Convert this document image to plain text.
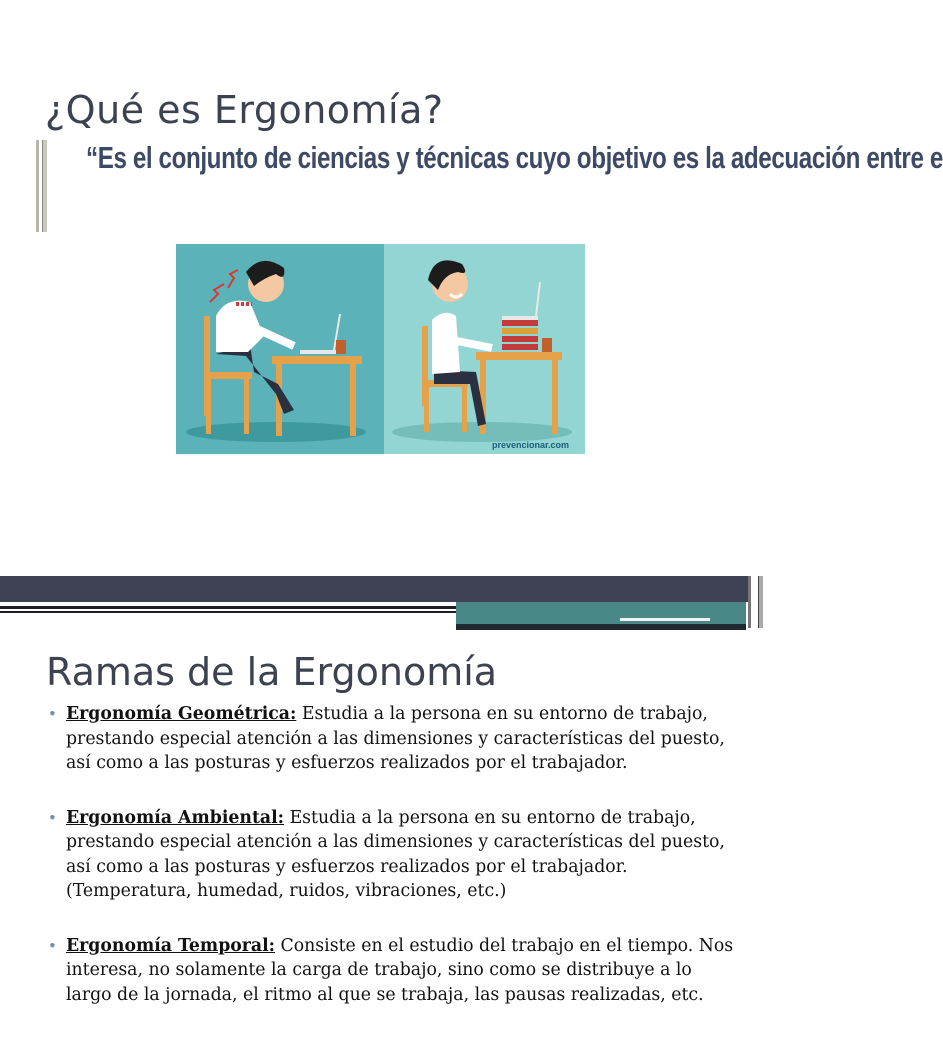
¿Qué es Ergonomía?
“Es el conjunto de ciencias y técnicas cuyo objetivo es la adecuación entre e
prevencionar.com
Ramas de la Ergonomía
• Ergonomía Geométrica: Estudia a la persona en su entorno de trabajo, prestando especial atención a las dimensiones y características del puesto, así como a las posturas y esfuerzos realizados por el trabajador.
• Ergonomía Ambiental: Estudia a la persona en su entorno de trabajo, prestando especial atención a las dimensiones y características del puesto, así como a las posturas y esfuerzos realizados por el trabajador. (Temperatura, humedad, ruidos, vibraciones, etc.)
• Ergonomía Temporal: Consiste en el estudio del trabajo en el tiempo. Nos interesa, no solamente la carga de trabajo, sino como se distribuye a lo largo de la jornada, el ritmo al que se trabaja, las pausas realizadas, etc.
